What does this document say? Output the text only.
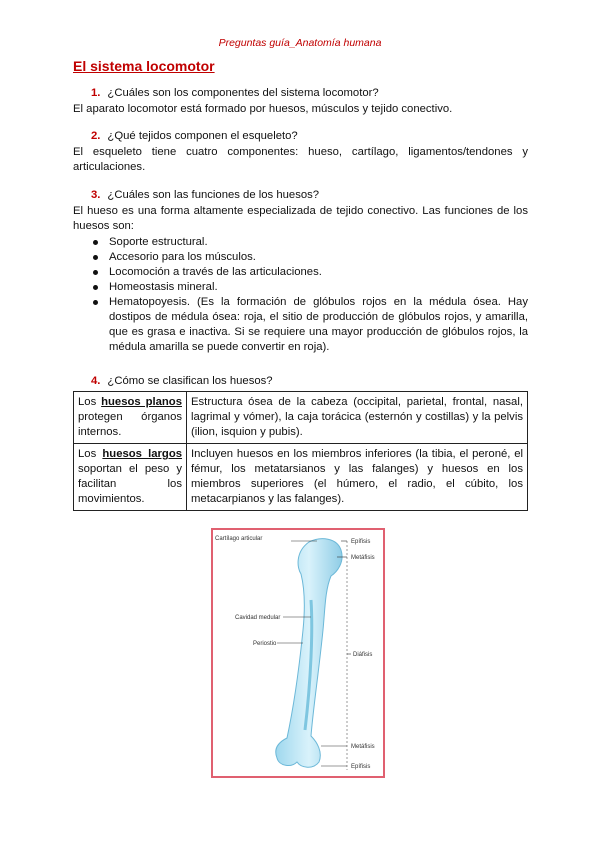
Preguntas guía_Anatomía humana
El sistema locomotor
1. ¿Cuáles son los componentes del sistema locomotor?
El aparato locomotor está formado por huesos, músculos y tejido conectivo.
2. ¿Qué tejidos componen el esqueleto?
El esqueleto tiene cuatro componentes: hueso, cartílago, ligamentos/tendones y articulaciones.
3. ¿Cuáles son las funciones de los huesos?
El hueso es una forma altamente especializada de tejido conectivo. Las funciones de los huesos son:
Soporte estructural.
Accesorio para los músculos.
Locomoción a través de las articulaciones.
Homeostasis mineral.
Hematopoyesis. (Es la formación de glóbulos rojos en la médula ósea. Hay dostipos de médula ósea: roja, el sitio de producción de glóbulos rojos, y amarilla, que es grasa e inactiva. Si se requiere una mayor producción de glóbulos rojos, la médula amarilla se puede convertir en roja).
4. ¿Cómo se clasifican los huesos?
Los huesos planos protegen órganos internos.	Estructura ósea de la cabeza (occipital, parietal, frontal, nasal, lagrimal y vómer), la caja torácica (esternón y costillas) y la pelvis (ilion, isquion y pubis).
Los huesos largos soportan el peso y facilitan los movimientos.	Incluyen huesos en los miembros inferiores (la tibia, el peroné, el fémur, los metatarsianos y las falanges) y huesos en los miembros superiores (el húmero, el radio, el cúbito, los metacarpianos y las falanges).
Cartílago articular
Cavidad medular
Periostio
Epífisis
Metáfisis
Diáfisis
Metáfisis
Epífisis
